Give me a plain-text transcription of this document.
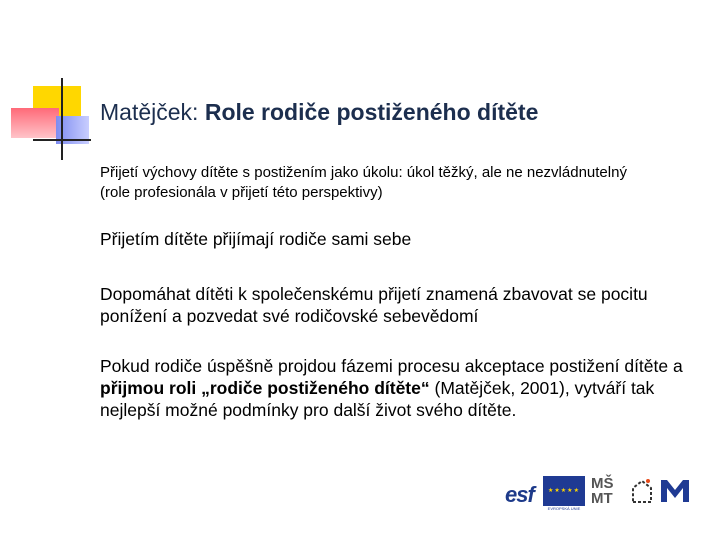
Matějček: Role rodiče postiženého dítěte
Přijetí výchovy dítěte s postižením jako úkolu: úkol těžký, ale ne nezvládnutelný (role profesionála v přijetí této perspektivy)
Přijetím dítěte přijímají rodiče sami sebe
Dopomáhat dítěti k společenskému přijetí znamená zbavovat se pocitu ponížení a pozvedat své rodičovské sebevědomí
Pokud rodiče úspěšně projdou fázemi procesu akceptace postižení dítěte a přijmou roli „rodiče postiženého dítěte“ (Matějček, 2001), vytváří tak nejlepší možné podmínky pro další život svého dítěte.
esf	★★★★★
EVROPSKÁ UNIE
MŠ
MT
